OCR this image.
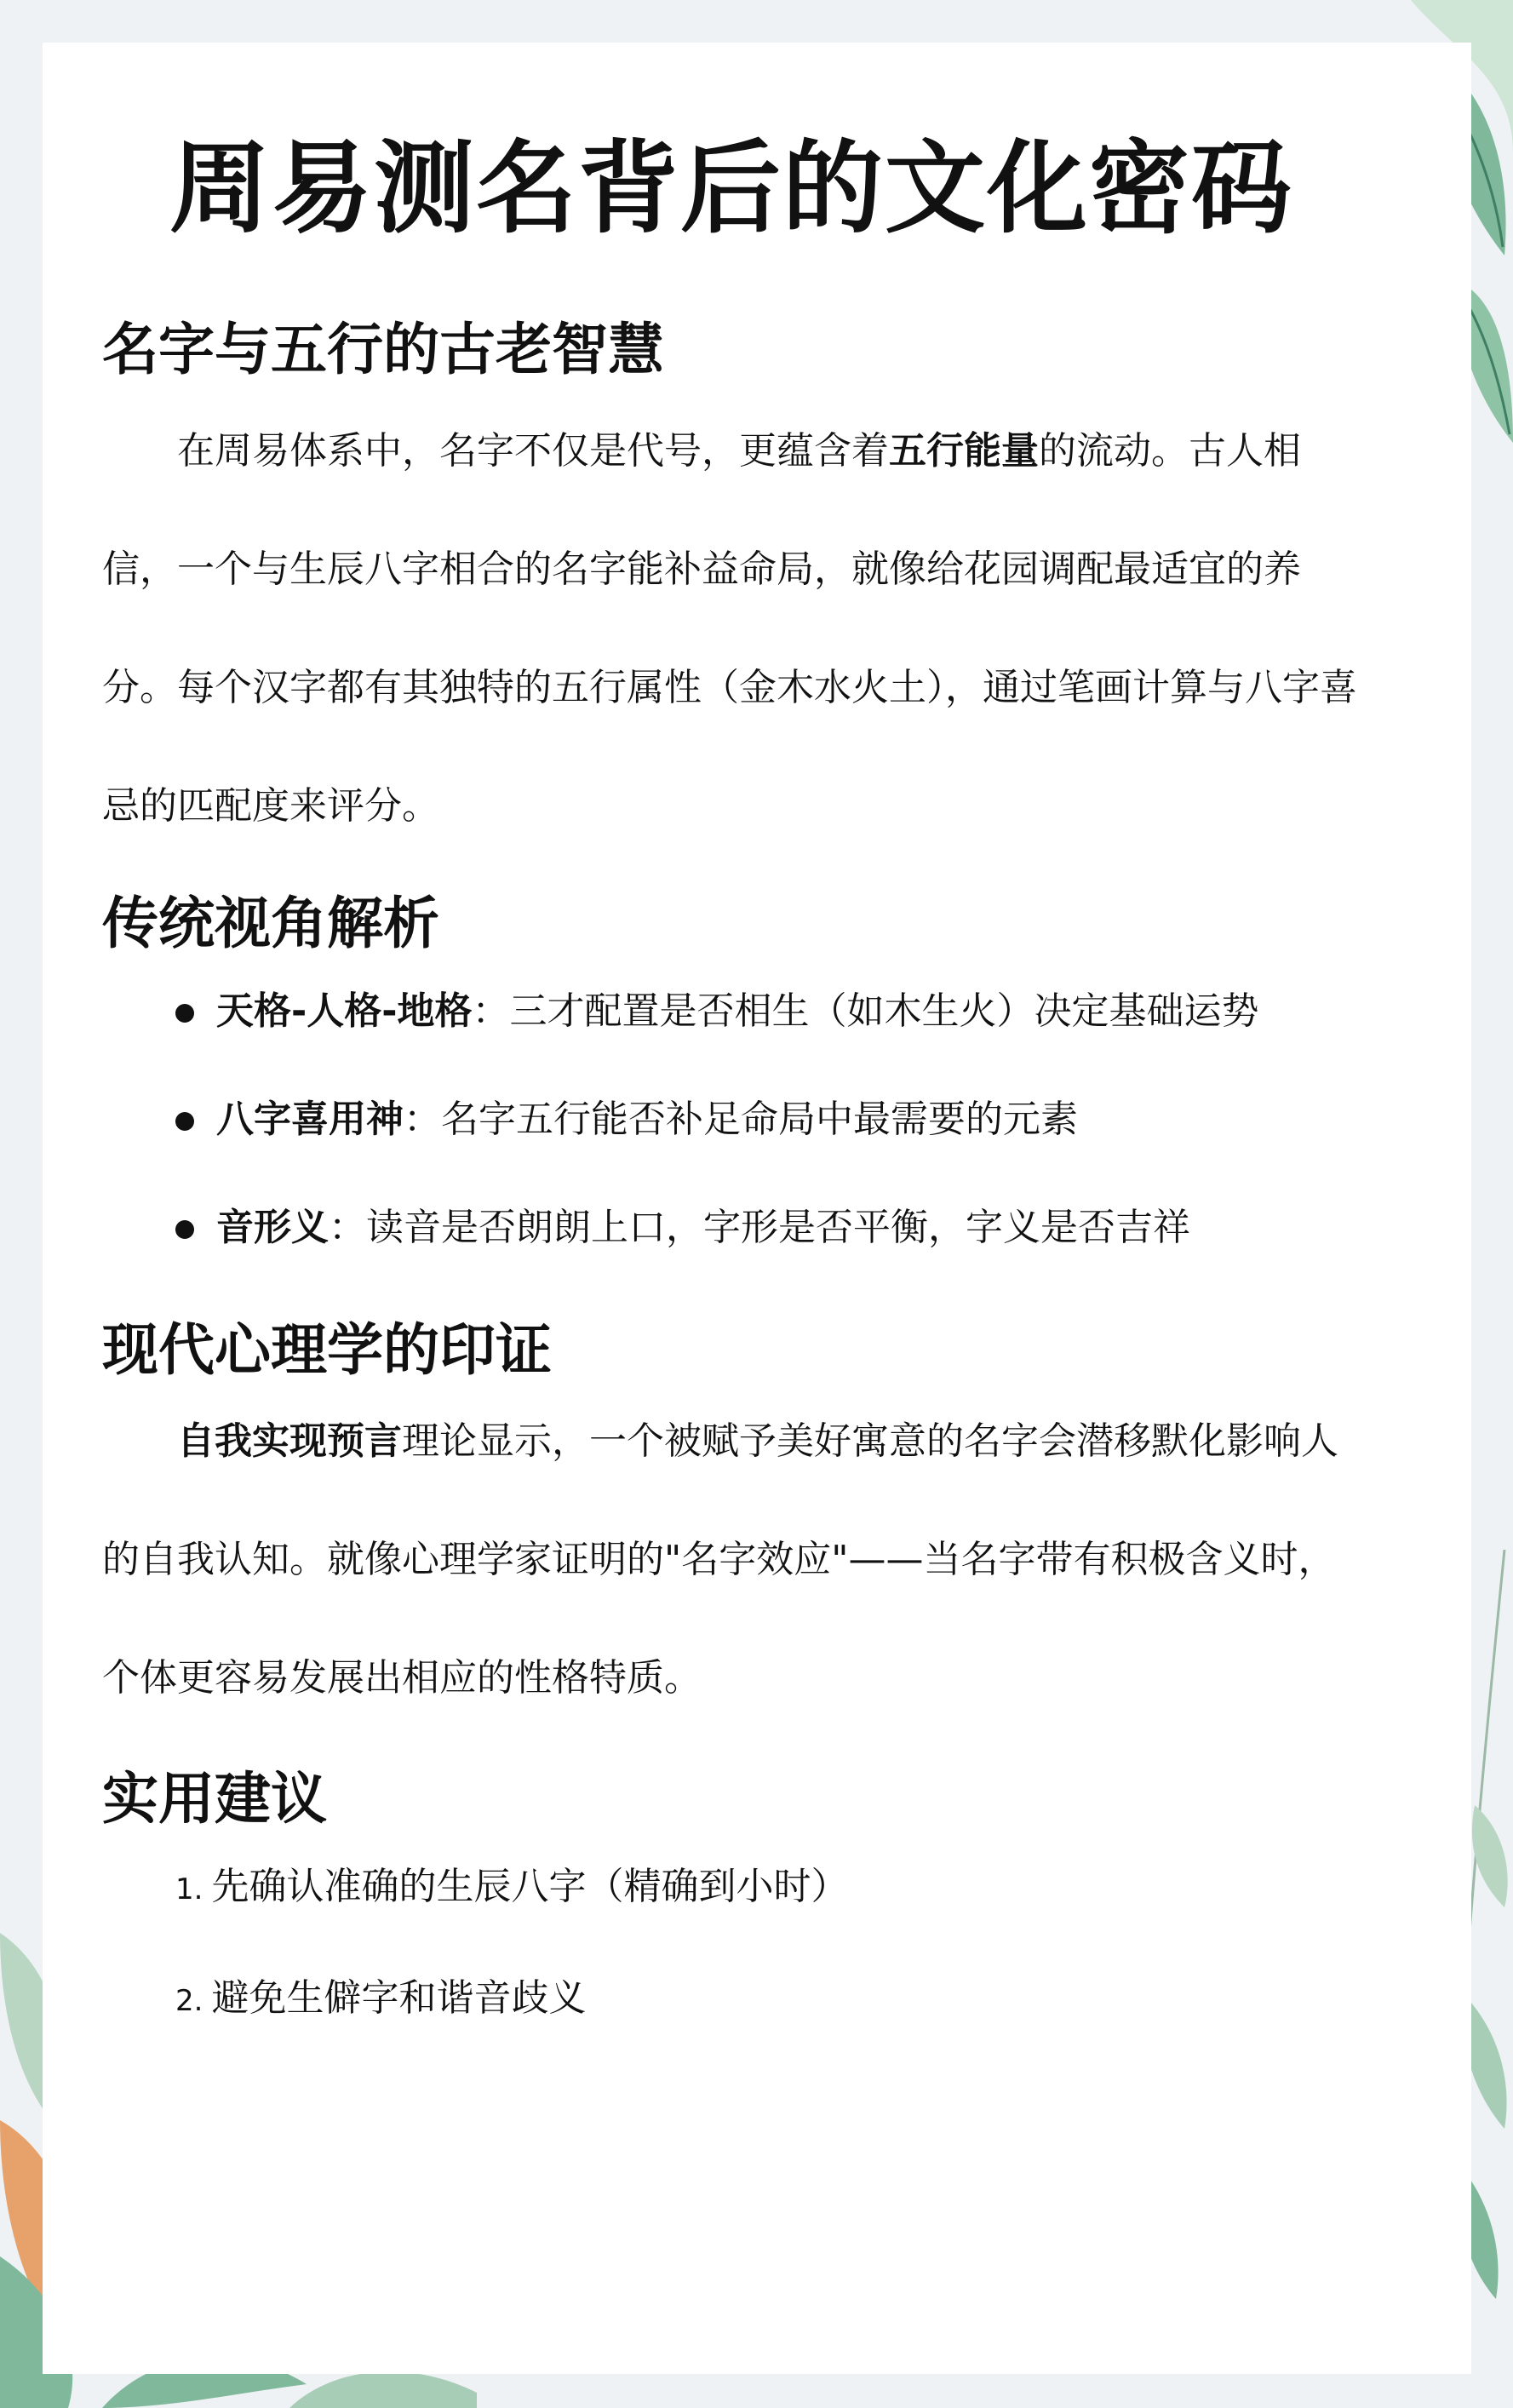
周易测名背后的文化密码
名字与五行的古老智慧

在周易体系中，名字不仅是代号，更蕴含着五行能量的流动。古人相信，一个与生辰八字相合的名字能补益命局，就像给花园调配最适宜的养分。每个汉字都有其独特的五行属性（金木水火土），通过笔画计算与八字喜忌的匹配度来评分。

传统视角解析
天格-人格-地格：三才配置是否相生（如木生火）决定基础运势
八字喜用神：名字五行能否补足命局中最需要的元素
音形义：读音是否朗朗上口，字形是否平衡，字义是否吉祥
现代心理学的印证

自我实现预言理论显示，一个被赋予美好寓意的名字会潜移默化影响人的自我认知。就像心理学家证明的"名字效应"——当名字带有积极含义时，个体更容易发展出相应的性格特质。

实用建议
1. 先确认准确的生辰八字（精确到小时）
2. 避免生僻字和谐音歧义
